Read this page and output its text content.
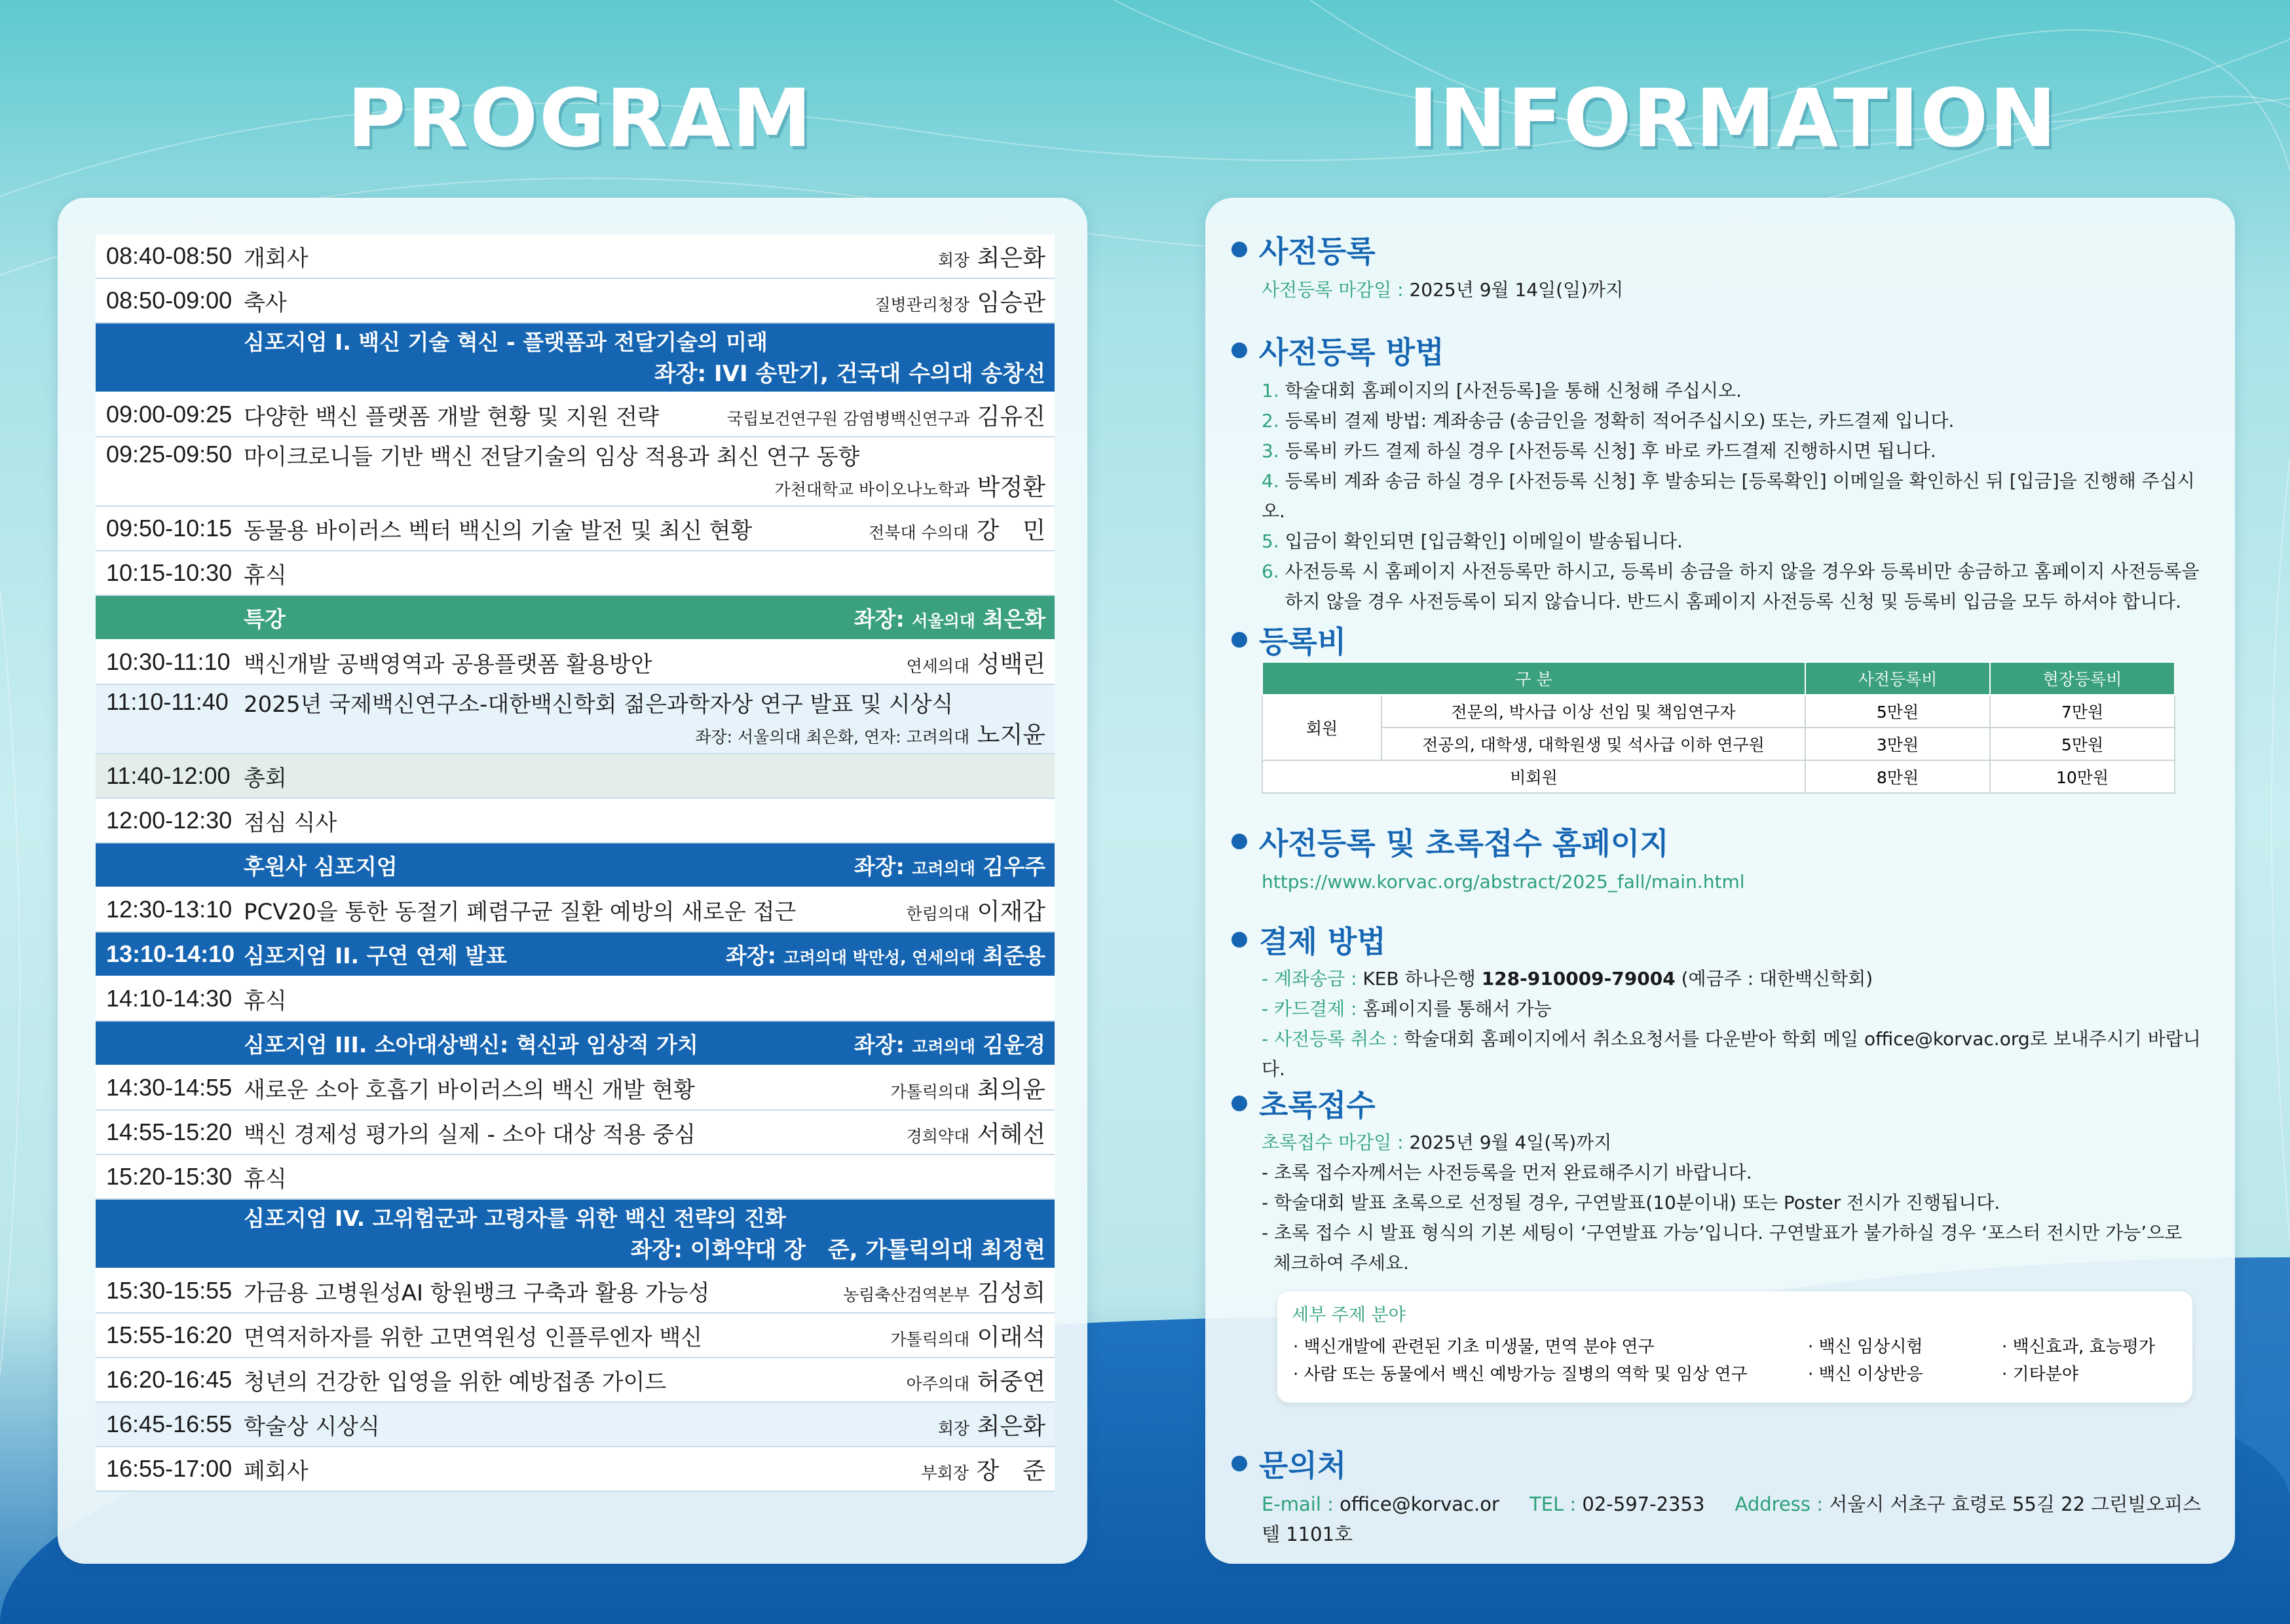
PROGRAM	INFORMATION
08:40-08:50 개회사	회장 최은화
08:50-09:00 축사	질병관리청장 임승관
심포지엄 I. 백신 기술 혁신 - 플랫폼과 전달기술의 미래
좌장: IVI 송만기, 건국대 수의대 송창선
09:00-09:25 다양한 백신 플랫폼 개발 현황 및 지원 전략	국립보건연구원 감염병백신연구과 김유진
09:25-09:50 마이크로니들 기반 백신 전달기술의 임상 적용과 최신 연구 동향
가천대학교 바이오나노학과 박정환
09:50-10:15 동물용 바이러스 벡터 백신의 기술 발전 및 최신 현황	전북대 수의대 강　민
10:15-10:30 휴식
특강	좌장: 서울의대 최은화
10:30-11:10 백신개발 공백영역과 공용플랫폼 활용방안	연세의대 성백린
11:10-11:40 2025년 국제백신연구소-대한백신학회 젊은과학자상 연구 발표 및 시상식
좌장: 서울의대 최은화, 연자: 고려의대 노지윤
11:40-12:00 총회
12:00-12:30 점심 식사
후원사 심포지엄	좌장: 고려의대 김우주
12:30-13:10 PCV20을 통한 동절기 폐렴구균 질환 예방의 새로운 접근	한림의대 이재갑
13:10-14:10 심포지엄 II. 구연 연제 발표	좌장: 고려의대 박만성, 연세의대 최준용
14:10-14:30 휴식
심포지엄 III. 소아대상백신: 혁신과 임상적 가치	좌장: 고려의대 김윤경
14:30-14:55 새로운 소아 호흡기 바이러스의 백신 개발 현황	가톨릭의대 최의윤
14:55-15:20 백신 경제성 평가의 실제 - 소아 대상 적용 중심	경희약대 서혜선
15:20-15:30 휴식
심포지엄 IV. 고위험군과 고령자를 위한 백신 전략의 진화
좌장: 이화약대 장　준, 가톨릭의대 최정현
15:30-15:55 가금용 고병원성AI 항원뱅크 구축과 활용 가능성	농림축산검역본부 김성희
15:55-16:20 면역저하자를 위한 고면역원성 인플루엔자 백신	가톨릭의대 이래석
16:20-16:45 청년의 건강한 입영을 위한 예방접종 가이드	아주의대 허중연
16:45-16:55 학술상 시상식	회장 최은화
16:55-17:00 폐회사	부회장 장　준
사전등록
사전등록 마감일 : 2025년 9월 14일(일)까지
사전등록 방법
1. 학술대회 홈페이지의 [사전등록]을 통해 신청해 주십시오.
2. 등록비 결제 방법: 계좌송금 (송금인을 정확히 적어주십시오) 또는, 카드결제 입니다.
3. 등록비 카드 결제 하실 경우 [사전등록 신청] 후 바로 카드결제 진행하시면 됩니다.
4. 등록비 계좌 송금 하실 경우 [사전등록 신청] 후 발송되는 [등록확인] 이메일을 확인하신 뒤 [입금]을 진행해 주십시오.
5. 입금이 확인되면 [입금확인] 이메일이 발송됩니다.
6. 사전등록 시 홈페이지 사전등록만 하시고, 등록비 송금을 하지 않을 경우와 등록비만 송금하고 홈페이지 사전등록을
하지 않을 경우 사전등록이 되지 않습니다. 반드시 홈페이지 사전등록 신청 및 등록비 입금을 모두 하셔야 합니다.
등록비
구 분		사전등록비	현장등록비
회원	전문의, 박사급 이상 선임 및 책임연구자	5만원	7만원
	전공의, 대학생, 대학원생 및 석사급 이하 연구원	3만원	5만원
비회원		8만원	10만원
사전등록 및 초록접수 홈페이지
https://www.korvac.org/abstract/2025_fall/main.html
결제 방법
- 계좌송금 : KEB 하나은행 128-910009-79004 (예금주 : 대한백신학회)
- 카드결제 : 홈페이지를 통해서 가능
- 사전등록 취소 : 학술대회 홈페이지에서 취소요청서를 다운받아 학회 메일 office@korvac.org로 보내주시기 바랍니다.
초록접수
초록접수 마감일 : 2025년 9월 4일(목)까지
- 초록 접수자께서는 사전등록을 먼저 완료해주시기 바랍니다.
- 학술대회 발표 초록으로 선정될 경우, 구연발표(10분이내) 또는 Poster 전시가 진행됩니다.
- 초록 접수 시 발표 형식의 기본 세팅이 ‘구연발표 가능’입니다. 구연발표가 불가하실 경우 ‘포스터 전시만 가능’으로
체크하여 주세요.
세부 주제 분야
· 백신개발에 관련된 기초 미생물, 면역 분야 연구
· 사람 또는 동물에서 백신 예방가능 질병의 역학 및 임상 연구
· 백신 임상시험
· 백신 이상반응
· 백신효과, 효능평가
· 기타분야
문의처
E-mail : office@korvac.or TEL : 02-597-2353 Address : 서울시 서초구 효령로 55길 22 그린빌오피스텔 1101호
